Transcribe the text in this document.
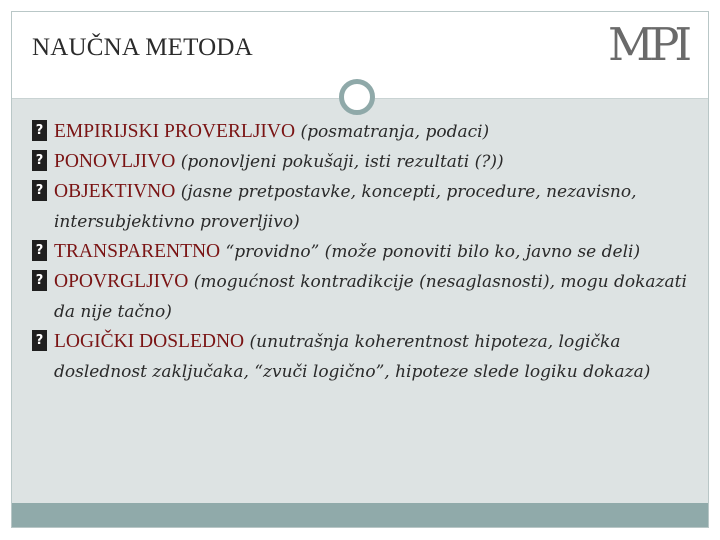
NAUČNA METODA	MPI

? EMPIRIJSKI PROVERLJIVO (posmatranja, podaci)

? PONOVLJIVO (ponovljeni pokušaji, isti rezultati (?))

? OBJEKTIVNO (jasne pretpostavke, koncepti, procedure, nezavisno, intersubjektivno proverljivo)

? TRANSPARENTNO “providno” (može ponoviti bilo ko, javno se deli)

? OPOVRGLJIVO (mogućnost kontradikcije (nesaglasnosti), mogu dokazati da nije tačno)

? LOGIČKI DOSLEDNO (unutrašnja koherentnost hipoteza, logička doslednost zaključaka, “zvuči logično”, hipoteze slede logiku dokaza)
